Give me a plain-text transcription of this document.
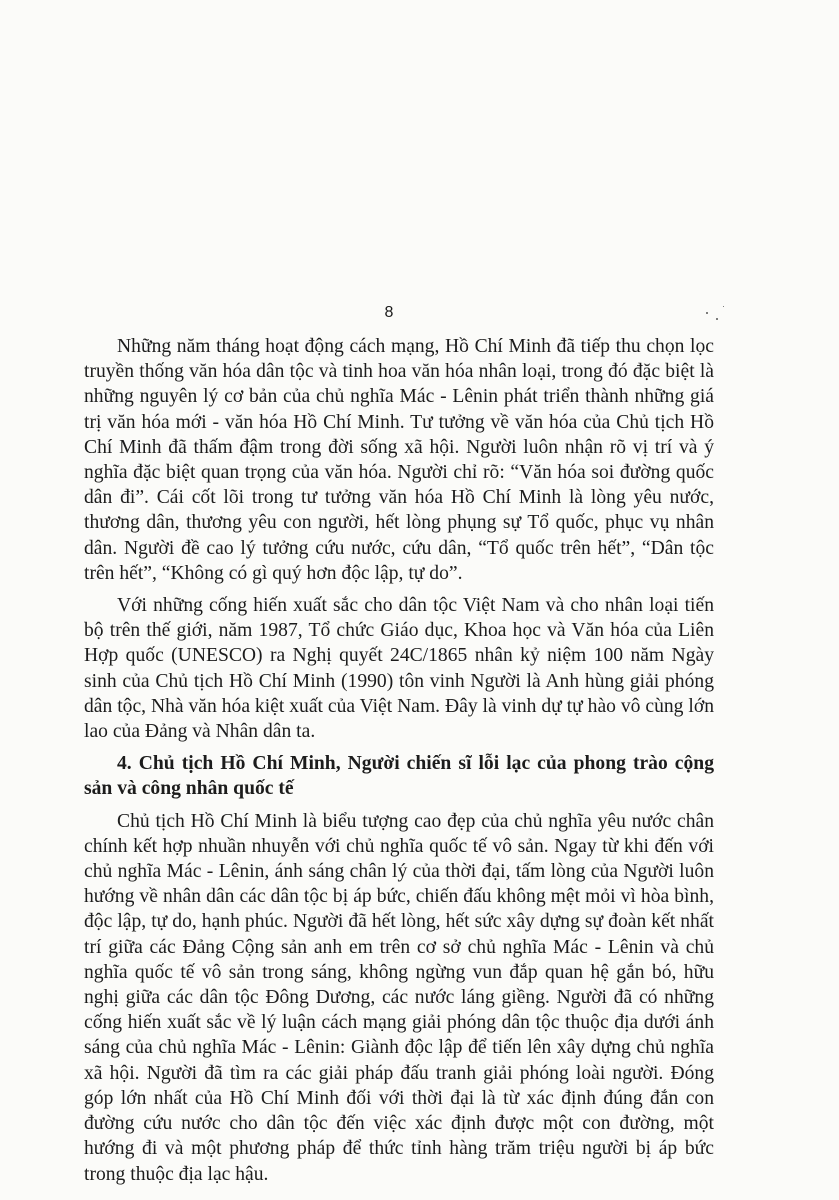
8

Những năm tháng hoạt động cách mạng, Hồ Chí Minh đã tiếp thu chọn lọc truyền thống văn hóa dân tộc và tinh hoa văn hóa nhân loại, trong đó đặc biệt là những nguyên lý cơ bản của chủ nghĩa Mác - Lênin phát triển thành những giá trị văn hóa mới - văn hóa Hồ Chí Minh. Tư tưởng về văn hóa của Chủ tịch Hồ Chí Minh đã thấm đậm trong đời sống xã hội. Người luôn nhận rõ vị trí và ý nghĩa đặc biệt quan trọng của văn hóa. Người chỉ rõ: “Văn hóa soi đường quốc dân đi”. Cái cốt lõi trong tư tưởng văn hóa Hồ Chí Minh là lòng yêu nước, thương dân, thương yêu con người, hết lòng phụng sự Tổ quốc, phục vụ nhân dân. Người đề cao lý tưởng cứu nước, cứu dân, “Tổ quốc trên hết”, “Dân tộc trên hết”, “Không có gì quý hơn độc lập, tự do”.

Với những cống hiến xuất sắc cho dân tộc Việt Nam và cho nhân loại tiến bộ trên thế giới, năm 1987, Tổ chức Giáo dục, Khoa học và Văn hóa của Liên Hợp quốc (UNESCO) ra Nghị quyết 24C/1865 nhân kỷ niệm 100 năm Ngày sinh của Chủ tịch Hồ Chí Minh (1990) tôn vinh Người là Anh hùng giải phóng dân tộc, Nhà văn hóa kiệt xuất của Việt Nam. Đây là vinh dự tự hào vô cùng lớn lao của Đảng và Nhân dân ta.

4. Chủ tịch Hồ Chí Minh, Người chiến sĩ lỗi lạc của phong trào cộng sản và công nhân quốc tế

Chủ tịch Hồ Chí Minh là biểu tượng cao đẹp của chủ nghĩa yêu nước chân chính kết hợp nhuần nhuyễn với chủ nghĩa quốc tế vô sản. Ngay từ khi đến với chủ nghĩa Mác - Lênin, ánh sáng chân lý của thời đại, tấm lòng của Người luôn hướng về nhân dân các dân tộc bị áp bức, chiến đấu không mệt mỏi vì hòa bình, độc lập, tự do, hạnh phúc. Người đã hết lòng, hết sức xây dựng sự đoàn kết nhất trí giữa các Đảng Cộng sản anh em trên cơ sở chủ nghĩa Mác - Lênin và chủ nghĩa quốc tế vô sản trong sáng, không ngừng vun đắp quan hệ gắn bó, hữu nghị giữa các dân tộc Đông Dương, các nước láng giềng. Người đã có những cống hiến xuất sắc về lý luận cách mạng giải phóng dân tộc thuộc địa dưới ánh sáng của chủ nghĩa Mác - Lênin: Giành độc lập để tiến lên xây dựng chủ nghĩa xã hội. Người đã tìm ra các giải pháp đấu tranh giải phóng loài người. Đóng góp lớn nhất của Hồ Chí Minh đối với thời đại là từ xác định đúng đắn con đường cứu nước cho dân tộc đến việc xác định được một con đường, một hướng đi và một phương pháp để thức tỉnh hàng trăm triệu người bị áp bức trong thuộc địa lạc hậu.
